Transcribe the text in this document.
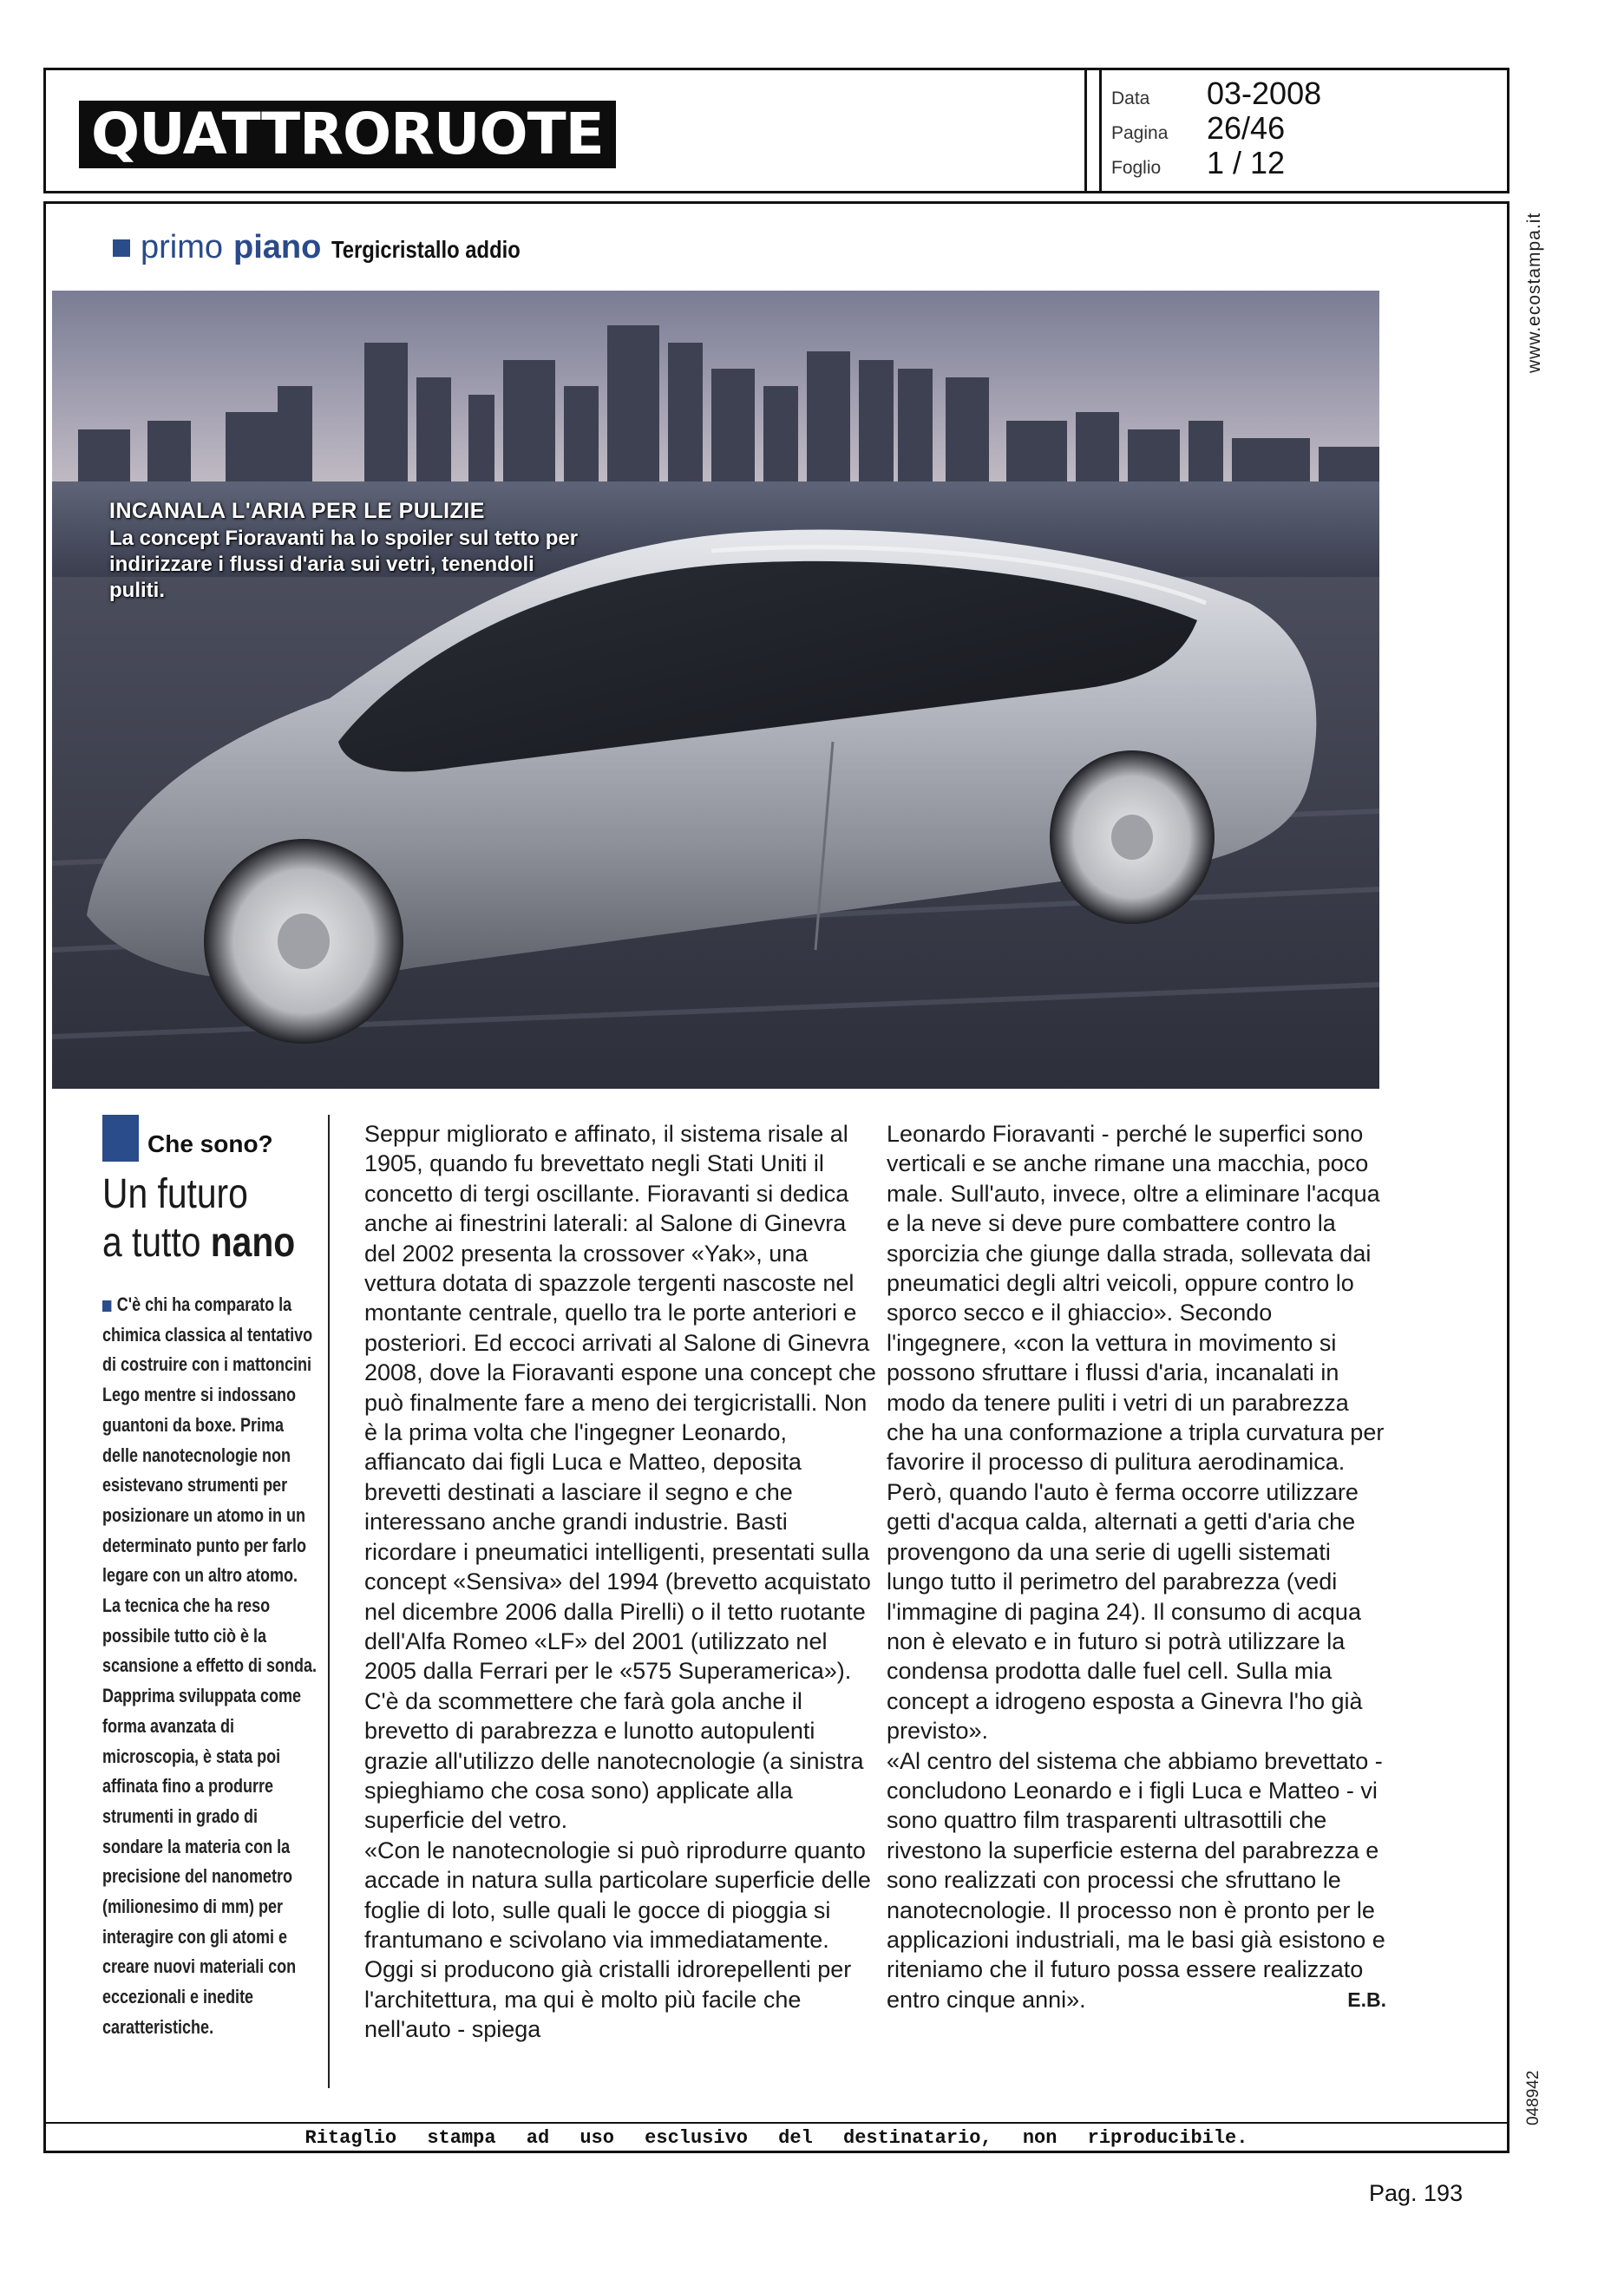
QUATTRORUOTE
Data	03-2008
Pagina	26/46
Foglio	1 / 12
primo piano Tergicristallo addio
INCANALA L'ARIA PER LE PULIZIE
La concept Fioravanti ha lo spoiler sul tetto per indirizzare i flussi d'aria sui vetri, tenendoli puliti.
Che sono?
Un futuro
a tutto nano
C'è chi ha comparato la chimica classica al tentativo di costruire con i mattoncini Lego mentre si indossano guantoni da boxe. Prima delle nanotecnologie non esistevano strumenti per posizionare un atomo in un determinato punto per farlo legare con un altro atomo. La tecnica che ha reso possibile tutto ciò è la scansione a effetto di sonda. Dapprima sviluppata come forma avanzata di microscopia, è stata poi affinata fino a produrre strumenti in grado di sondare la materia con la precisione del nanometro (milionesimo di mm) per interagire con gli atomi e creare nuovi materiali con eccezionali e inedite caratteristiche.

Seppur migliorato e affinato, il sistema risale al 1905, quando fu brevettato negli Stati Uniti il concetto di tergi oscillante. Fioravanti si dedica anche ai finestrini laterali: al Salone di Ginevra del 2002 presenta la crossover «Yak», una vettura dotata di spazzole tergenti nascoste nel montante centrale, quello tra le porte anteriori e posteriori. Ed eccoci arrivati al Salone di Ginevra 2008, dove la Fioravanti espone una concept che può finalmente fare a meno dei tergicristalli. Non è la prima volta che l'ingegner Leonardo, affiancato dai figli Luca e Matteo, deposita brevetti destinati a lasciare il segno e che interessano anche grandi industrie. Basti ricordare i pneumatici intelligenti, presentati sulla concept «Sensiva» del 1994 (brevetto acquistato nel dicembre 2006 dalla Pirelli) o il tetto ruotante dell'Alfa Romeo «LF» del 2001 (utilizzato nel 2005 dalla Ferrari per le «575 Superamerica»). C'è da scommettere che farà gola anche il brevetto di parabrezza e lunotto autopulenti grazie all'utilizzo delle nanotecnologie (a sinistra spieghiamo che cosa sono) applicate alla superficie del vetro.

«Con le nanotecnologie si può riprodurre quanto accade in natura sulla particolare superficie delle foglie di loto, sulle quali le gocce di pioggia si frantumano e scivolano via immediatamente. Oggi si producono già cristalli idrorepellenti per l'architettura, ma qui è molto più facile che nell'auto - spiega

Leonardo Fioravanti - perché le superfici sono verticali e se anche rimane una macchia, poco male. Sull'auto, invece, oltre a eliminare l'acqua e la neve si deve pure combattere contro la sporcizia che giunge dalla strada, sollevata dai pneumatici degli altri veicoli, oppure contro lo sporco secco e il ghiaccio». Secondo l'ingegnere, «con la vettura in movimento si possono sfruttare i flussi d'aria, incanalati in modo da tenere puliti i vetri di un parabrezza che ha una conformazione a tripla curvatura per favorire il processo di pulitura aerodinamica. Però, quando l'auto è ferma occorre utilizzare getti d'acqua calda, alternati a getti d'aria che provengono da una serie di ugelli sistemati lungo tutto il perimetro del parabrezza (vedi l'immagine di pagina 24). Il consumo di acqua non è elevato e in futuro si potrà utilizzare la condensa prodotta dalle fuel cell. Sulla mia concept a idrogeno esposta a Ginevra l'ho già previsto».

«Al centro del sistema che abbiamo brevettato - concludono Leonardo e i figli Luca e Matteo - vi sono quattro film trasparenti ultrasottili che rivestono la superficie esterna del parabrezza e sono realizzati con processi che sfruttano le nanotecnologie. Il processo non è pronto per le applicazioni industriali, ma le basi già esistono e riteniamo che il futuro possa essere realizzato entro cinque anni».	E.B.
Ritaglio stampa ad uso esclusivo del destinatario, non riproducibile.
www.ecostampa.it
048942
Pag. 193
